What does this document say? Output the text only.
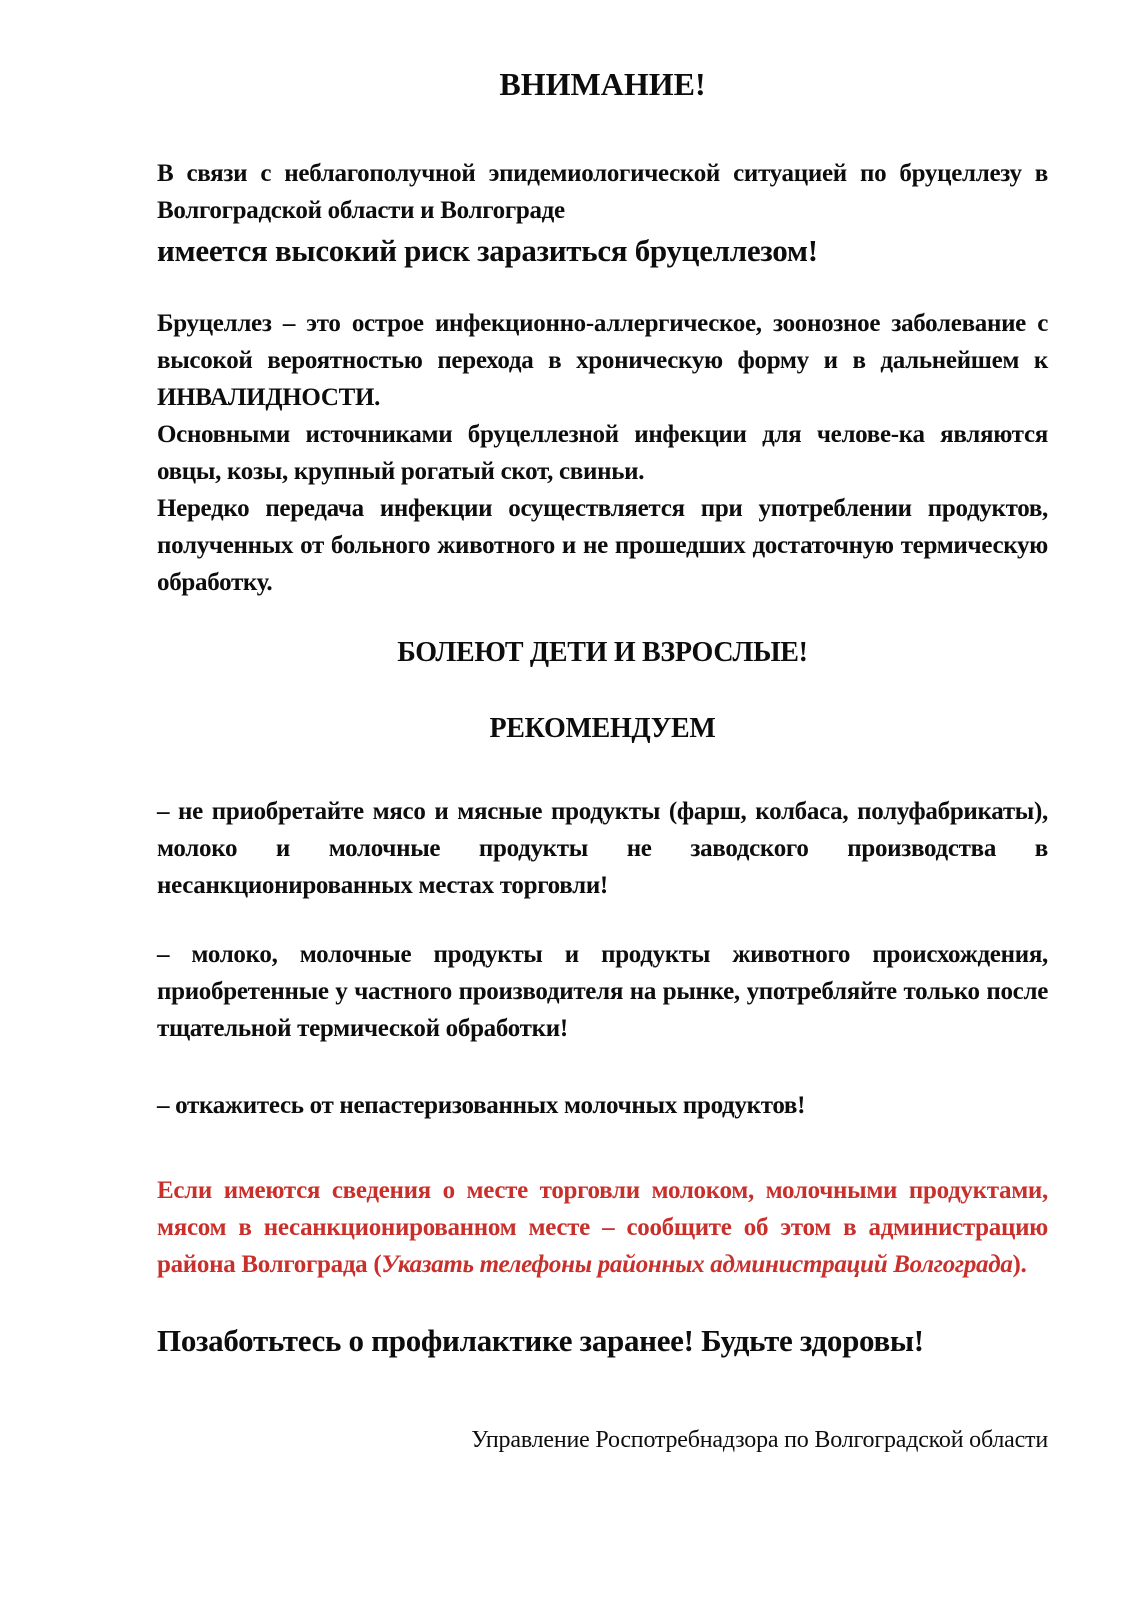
ВНИМАНИЕ!

В связи с неблагополучной эпидемиологической ситуацией по бруцеллезу в Волгоградской области и Волгограде

имеется высокий риск заразиться бруцеллезом!

Бруцеллез – это острое инфекционно-аллергическое, зоонозное заболевание с высокой вероятностью перехода в хроническую форму и в дальнейшем к ИНВАЛИДНОСТИ.

Основными источниками бруцеллезной инфекции для челове-ка являются овцы, козы, крупный рогатый скот, свиньи.

Нередко передача инфекции осуществляется при употреблении продуктов, полученных от больного животного и не прошедших достаточную термическую обработку.

БОЛЕЮТ ДЕТИ И ВЗРОСЛЫЕ!
РЕКОМЕНДУЕМ

– не приобретайте мясо и мясные продукты (фарш, колбаса, полуфабрикаты), молоко и молочные продукты не заводского производства в несанкционированных местах торговли!

– молоко, молочные продукты и продукты животного происхождения, приобретенные у частного производителя на рынке, употребляйте только после тщательной термической обработки!

– откажитесь от непастеризованных молочных продуктов!

Если имеются сведения о месте торговли молоком, молочными продуктами, мясом в несанкционированном месте – сообщите об этом в администрацию района Волгограда (Указать телефоны районных администраций Волгограда).

Позаботьтесь о профилактике заранее! Будьте здоровы!

Управление Роспотребнадзора по Волгоградской области
